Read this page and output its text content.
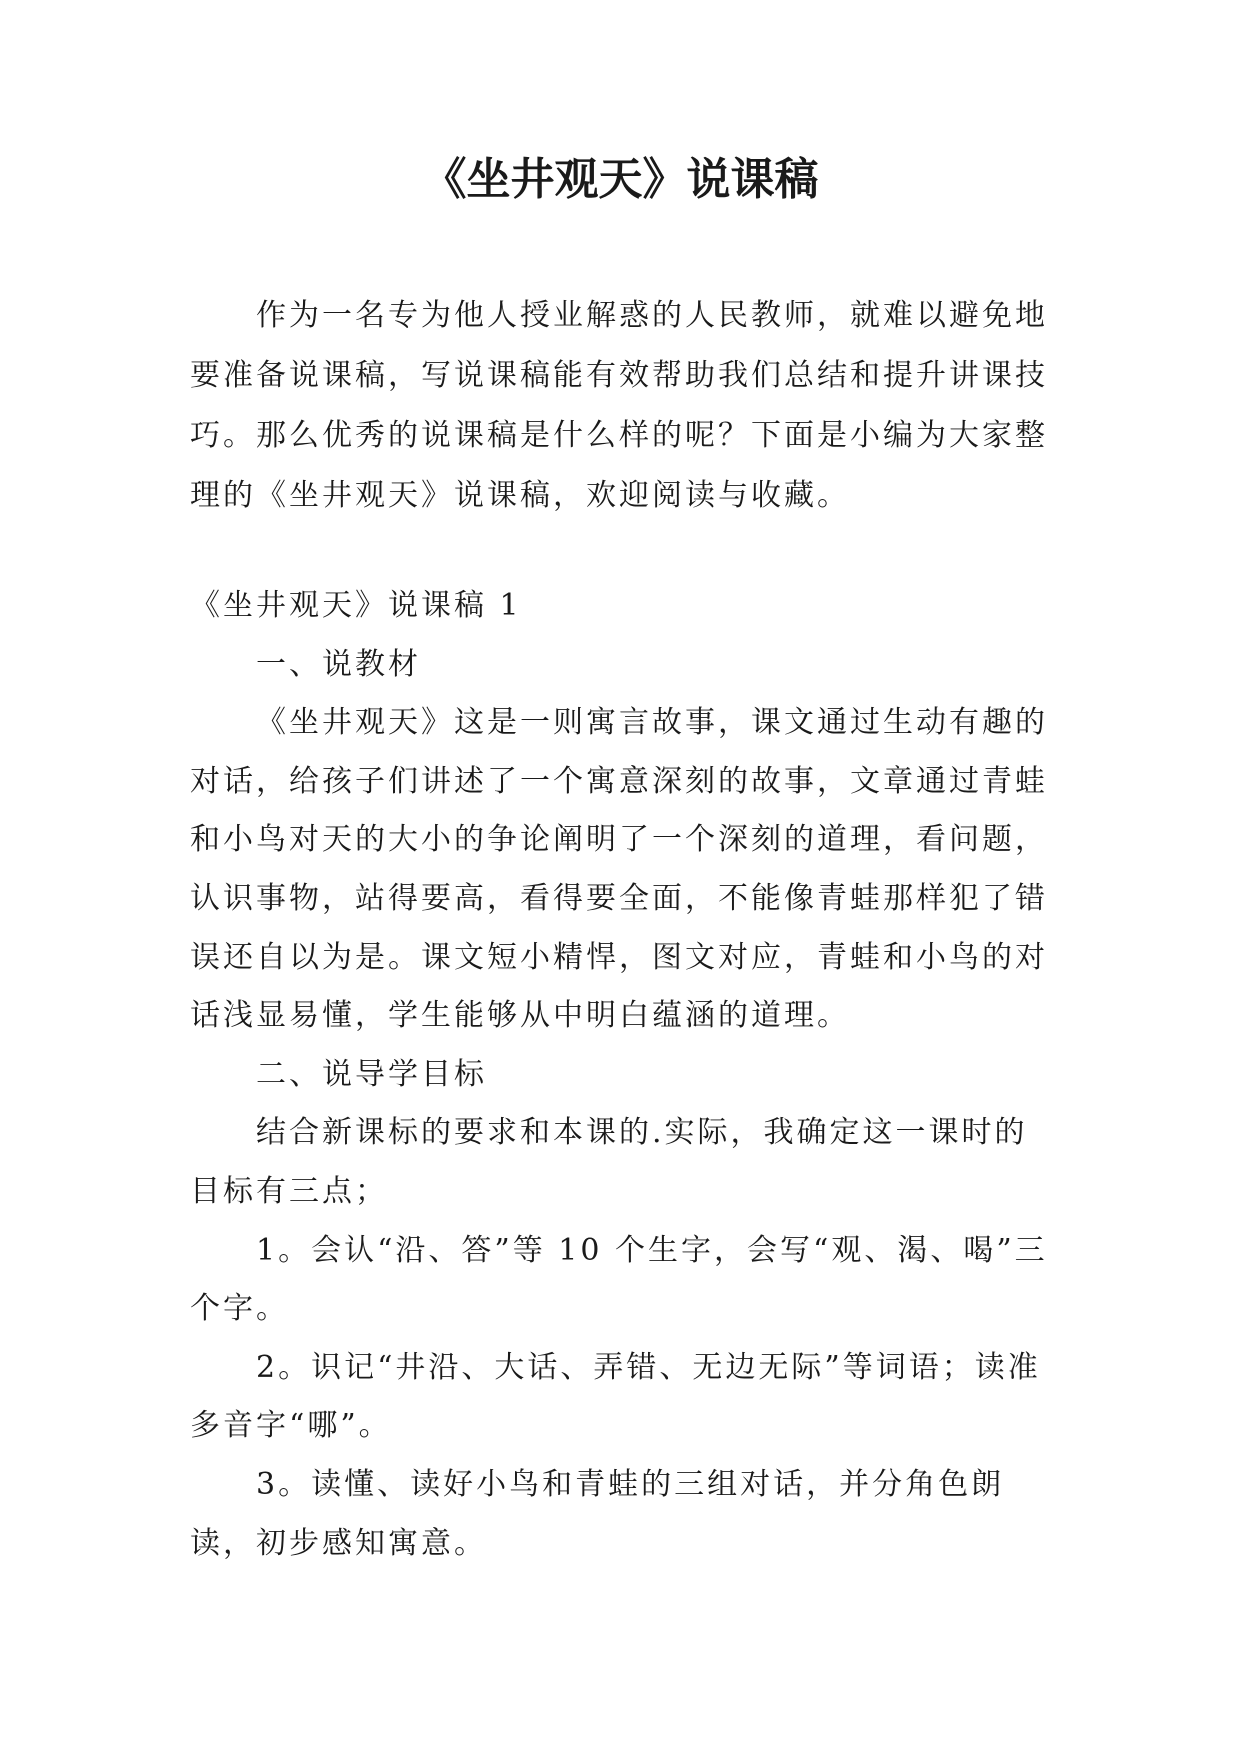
《坐井观天》说课稿

作为一名专为他人授业解惑的人民教师，就难以避免地要准备说课稿，写说课稿能有效帮助我们总结和提升讲课技巧。那么优秀的说课稿是什么样的呢？下面是小编为大家整理的《坐井观天》说课稿，欢迎阅读与收藏。

《坐井观天》说课稿 1

一、说教材

《坐井观天》这是一则寓言故事，课文通过生动有趣的对话，给孩子们讲述了一个寓意深刻的故事，文章通过青蛙和小鸟对天的大小的争论阐明了一个深刻的道理，看问题，认识事物，站得要高，看得要全面，不能像青蛙那样犯了错误还自以为是。课文短小精悍，图文对应，青蛙和小鸟的对话浅显易懂，学生能够从中明白蕴涵的道理。

二、说导学目标

结合新课标的要求和本课的.实际，我确定这一课时的目标有三点；

1。会认“沿、答”等 10 个生字，会写“观、渴、喝”三个字。

2。识记“井沿、大话、弄错、无边无际”等词语；读准多音字“哪”。

3。读懂、读好小鸟和青蛙的三组对话，并分角色朗读，初步感知寓意。
